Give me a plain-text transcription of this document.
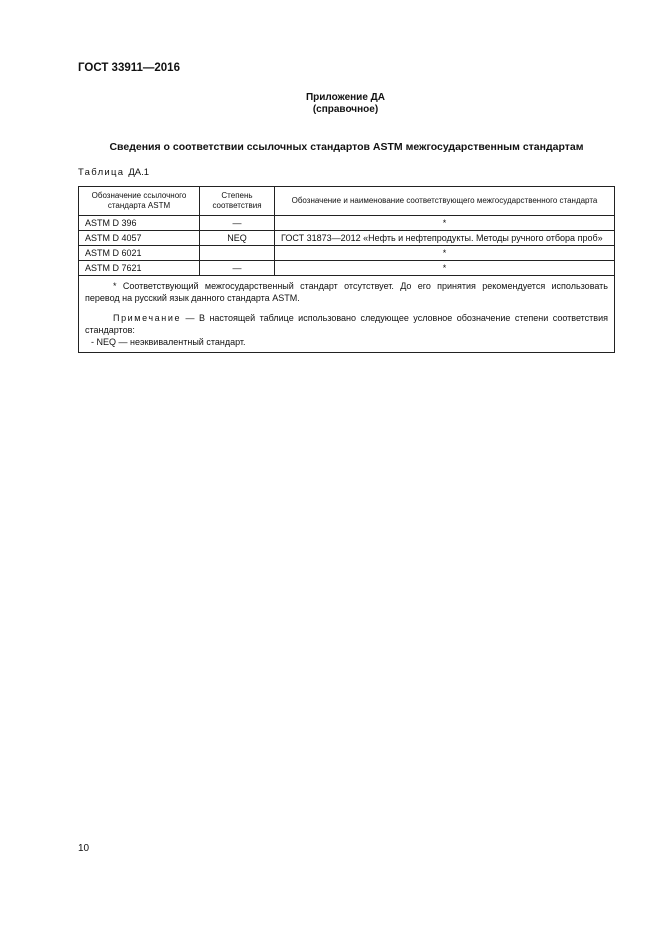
ГОСТ 33911—2016
Приложение ДА
(справочное)
Сведения о соответствии ссылочных стандартов ASTM межгосударственным стандартам
Таблица ДА.1
Обозначение ссылочного стандарта ASTM	Степень соответствия	Обозначение и наименование соответствующего межгосударственного стандарта
ASTM D 396	—	*
ASTM D 4057	NEQ	ГОСТ 31873—2012 «Нефть и нефтепродукты. Методы ручного отбора проб»
ASTM D 6021		*
ASTM D 7621	—	*

* Соответствующий межгосударственный стандарт отсутствует. До его принятия рекомендуется использовать перевод на русский язык данного стандарта ASTM.

Примечание — В настоящей таблице использовано следующее условное обозначение степени соответствия стандартов:

- NEQ — неэквивалентный стандарт.		

10
